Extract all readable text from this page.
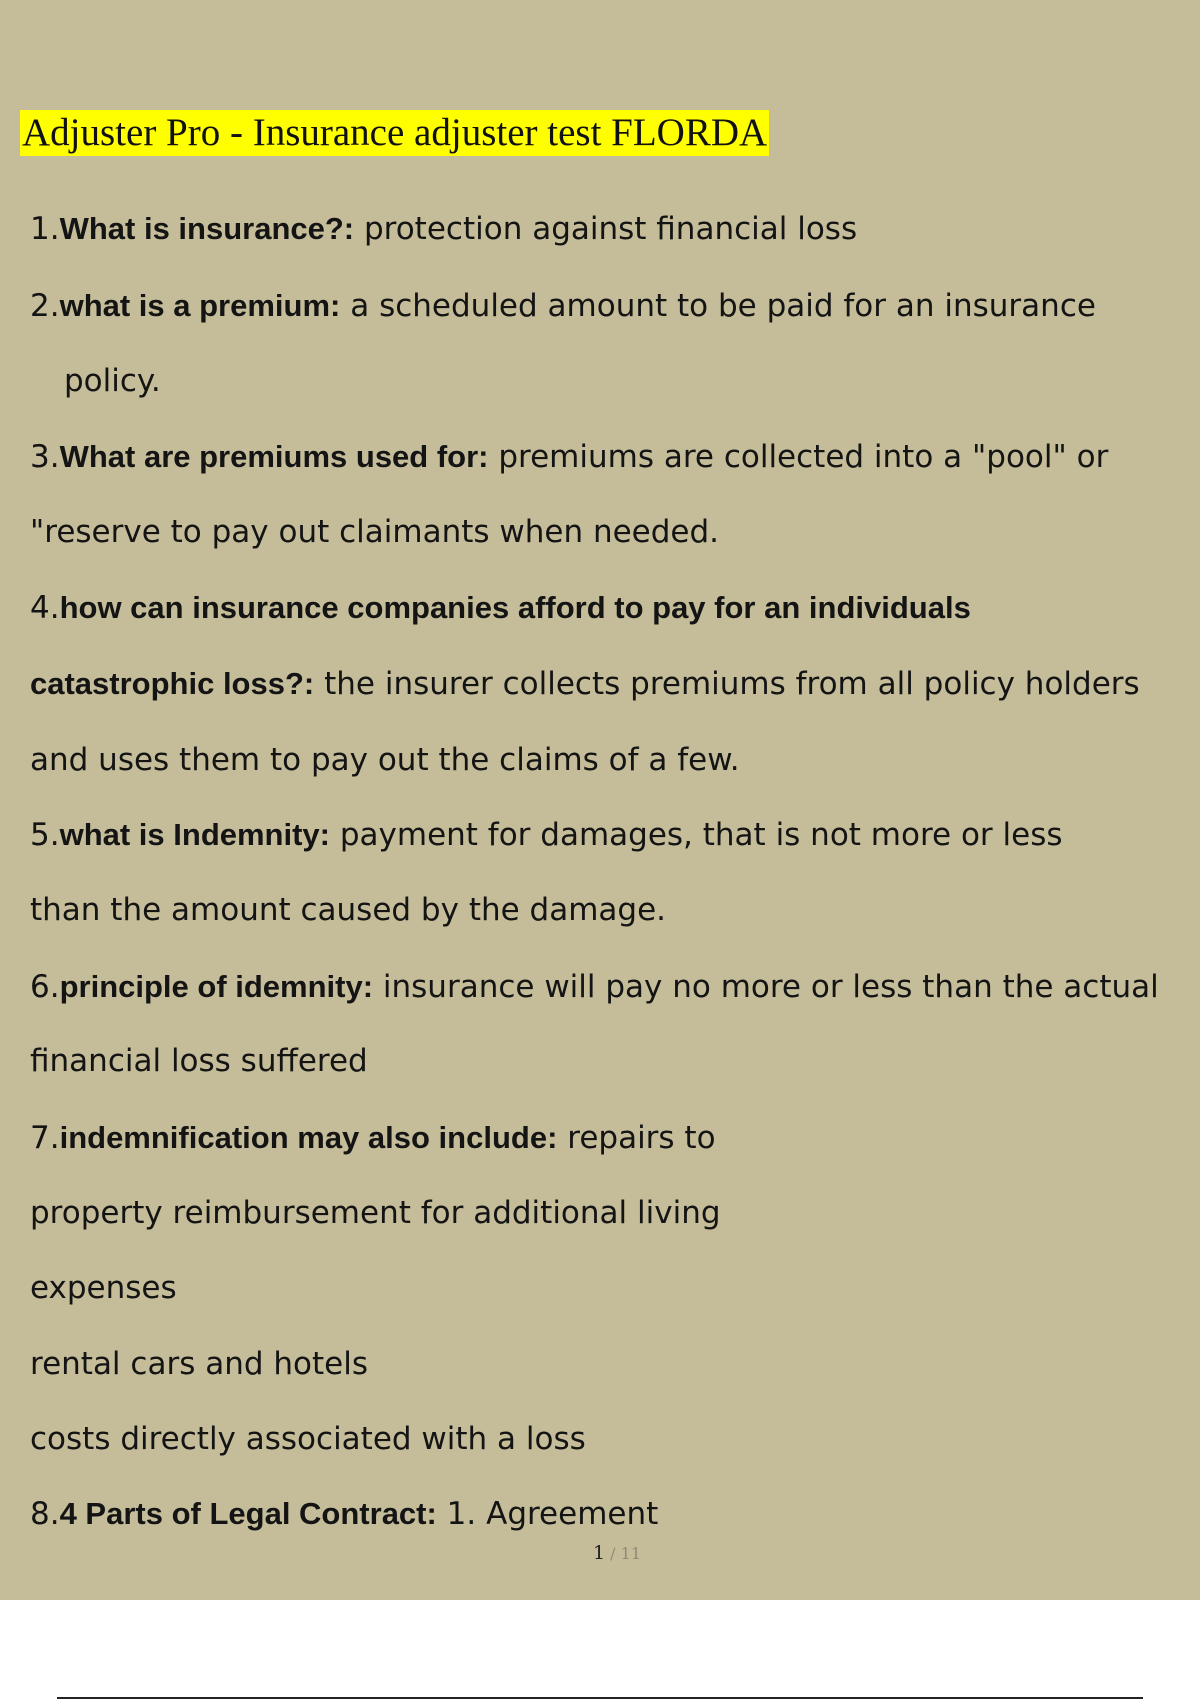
Adjuster Pro - Insurance adjuster test FLORDA
1.What is insurance?: protection against financial loss
2.what is a premium: a scheduled amount to be paid for an insurance
policy.
3.What are premiums used for: premiums are collected into a "pool" or
"reserve to pay out claimants when needed.
4.how can insurance companies afford to pay for an individuals
catastrophic loss?: the insurer collects premiums from all policy holders
and uses them to pay out the claims of a few.
5.what is Indemnity: payment for damages, that is not more or less
than the amount caused by the damage.
6.principle of idemnity: insurance will pay no more or less than the actual
financial loss suffered
7.indemnification may also include: repairs to
property reimbursement for additional living
expenses
rental cars and hotels
costs directly associated with a loss
8.4 Parts of Legal Contract: 1. Agreement
1 / 11
